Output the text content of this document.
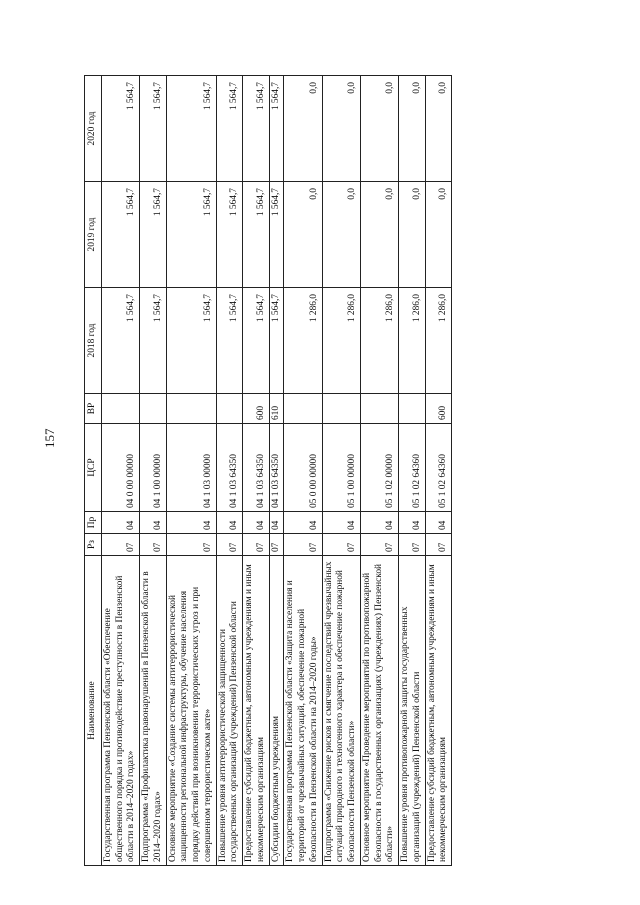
157
Наименование	Рз	Пр	ЦСР	ВР	2018 год	2019 год	2020 год
Государственная программа Пензенской области «Обеспечение общественного порядка и противодействие преступности в Пензенской области в 2014–2020 годах»	07	04	04 0 00 00000		1 564,7	1 564,7	1 564,7
Подпрограмма «Профилактика правонарушений в Пензенской области в 2014–2020 годах»	07	04	04 1 00 00000		1 564,7	1 564,7	1 564,7
Основное мероприятие «Создание системы антитеррористической защищенности региональной инфраструктуры, обучение населения порядку действий при возникновении террористических угроз и при совершенном террористическом акте»	07	04	04 1 03 00000		1 564,7	1 564,7	1 564,7
Повышение уровня антитеррористической защищенности государственных организаций (учреждений) Пензенской области	07	04	04 1 03 64350		1 564,7	1 564,7	1 564,7
Предоставление субсидий бюджетным, автономным учреждениям и иным некоммерческим организациям	07	04	04 1 03 64350	600	1 564,7	1 564,7	1 564,7
Субсидии бюджетным учреждениям	07	04	04 1 03 64350	610	1 564,7	1 564,7	1 564,7
Государственная программа Пензенской области «Защита населения и территорий от чрезвычайных ситуаций, обеспечение пожарной безопасности в Пензенской области на 2014–2020 годы»	07	04	05 0 00 00000		1 286,0	0,0	0,0
Подпрограмма «Снижение рисков и смягчение последствий чрезвычайных ситуаций природного и техногенного характера и обеспечение пожарной безопасности Пензенской области»	07	04	05 1 00 00000		1 286,0	0,0	0,0
Основное мероприятие «Проведение мероприятий по противопожарной безопасности в государственных организациях (учреждениях) Пензенской области»	07	04	05 1 02 00000		1 286,0	0,0	0,0
Повышение уровня противопожарной защиты государственных организаций (учреждений) Пензенской области	07	04	05 1 02 64360		1 286,0	0,0	0,0
Предоставление субсидий бюджетным, автономным учреждениям и иным некоммерческим организациям	07	04	05 1 02 64360	600	1 286,0	0,0	0,0
